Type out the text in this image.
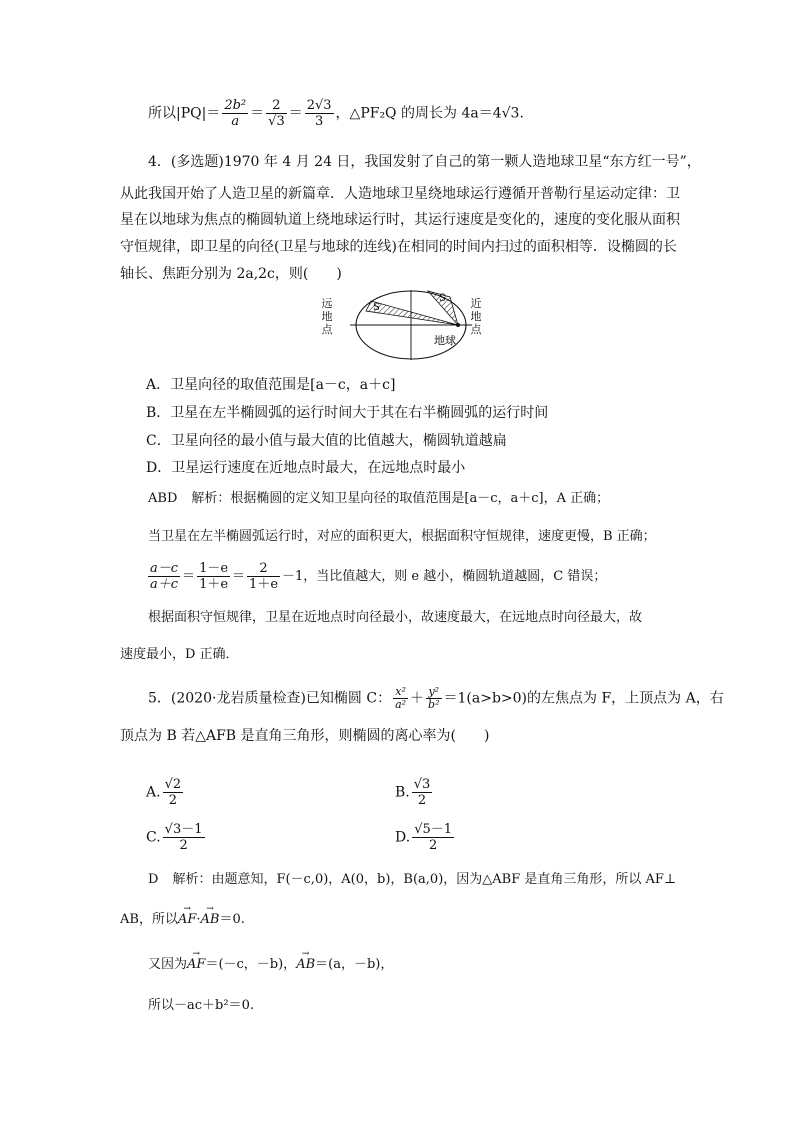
所以$|PQ|= \frac{\text{2b²}}{a} = \frac{2}{√3} = \frac{2√3}{3}$ ，△PF₂Q 的周长为 4a＝4√3.
4．(多选题)1970 年 4 月 24 日，我国发射了自己的第一颗人造地球卫星“东方红一号”，
从此我国开始了人造卫星的新篇章．人造地球卫星绕地球运行遵循开普勒行星运动定律：卫
星在以地球为焦点的椭圆轨道上绕地球运行时，其运行速度是变化的，速度的变化服从面积
守恒规律，即卫星的向径(卫星与地球的连线)在相同的时间内扫过的面积相等．设椭圆的长
轴长、焦距分别为 2a,2c，则(　　)
S
S
地球
远地点
近地点
A．卫星向径的取值范围是[a－c，a＋c]
B．卫星在左半椭圆弧的运行时间大于其在右半椭圆弧的运行时间
C．卫星向径的最小值与最大值的比值越大，椭圆轨道越扁
D．卫星运行速度在近地点时最大，在远地点时最小
ABD 解析：根据椭圆的定义知卫星向径的取值范围是[a－c，a＋c]，A 正确；
当卫星在左半椭圆弧运行时，对应的面积更大，根据面积守恒规律，速度更慢，B 正确；
$\frac{a-c}{a+c} = \frac{1-e}{1+e} = \frac{2}{1+e} -1$，当比值越大，则 e 越小，椭圆轨道越圆，C 错误；
根据面积守恒规律，卫星在近地点时向径最小，故速度最大，在远地点时向径最大，故
速度最小，D 正确．
5．(2020·龙岩质量检查)已知椭圆 C： $\frac{\text{x²}}{\text{a²}} + \frac{\text{y²}}{\text{b²}} =1(a>b>0)$的左焦点为 F，上顶点为 A，右
顶点为 B 若△AFB 是直角三角形，则椭圆的离心率为(　　)
A. $\frac{√2}{2}$	B. $\frac{√3}{2}$
C. $\frac{√3-1}{2}$	D. $\frac{√5-1}{2}$
D 解析：由题意知，F(－c,0)，A(0，b)，B(a,0)，因为△ABF 是直角三角形，所以 AF⊥
AB，所以→ AF·→ AB＝0.
又因为→ AF＝(－c，－b)，→ AB＝(a，－b)，
所以－ac＋b²＝0.
